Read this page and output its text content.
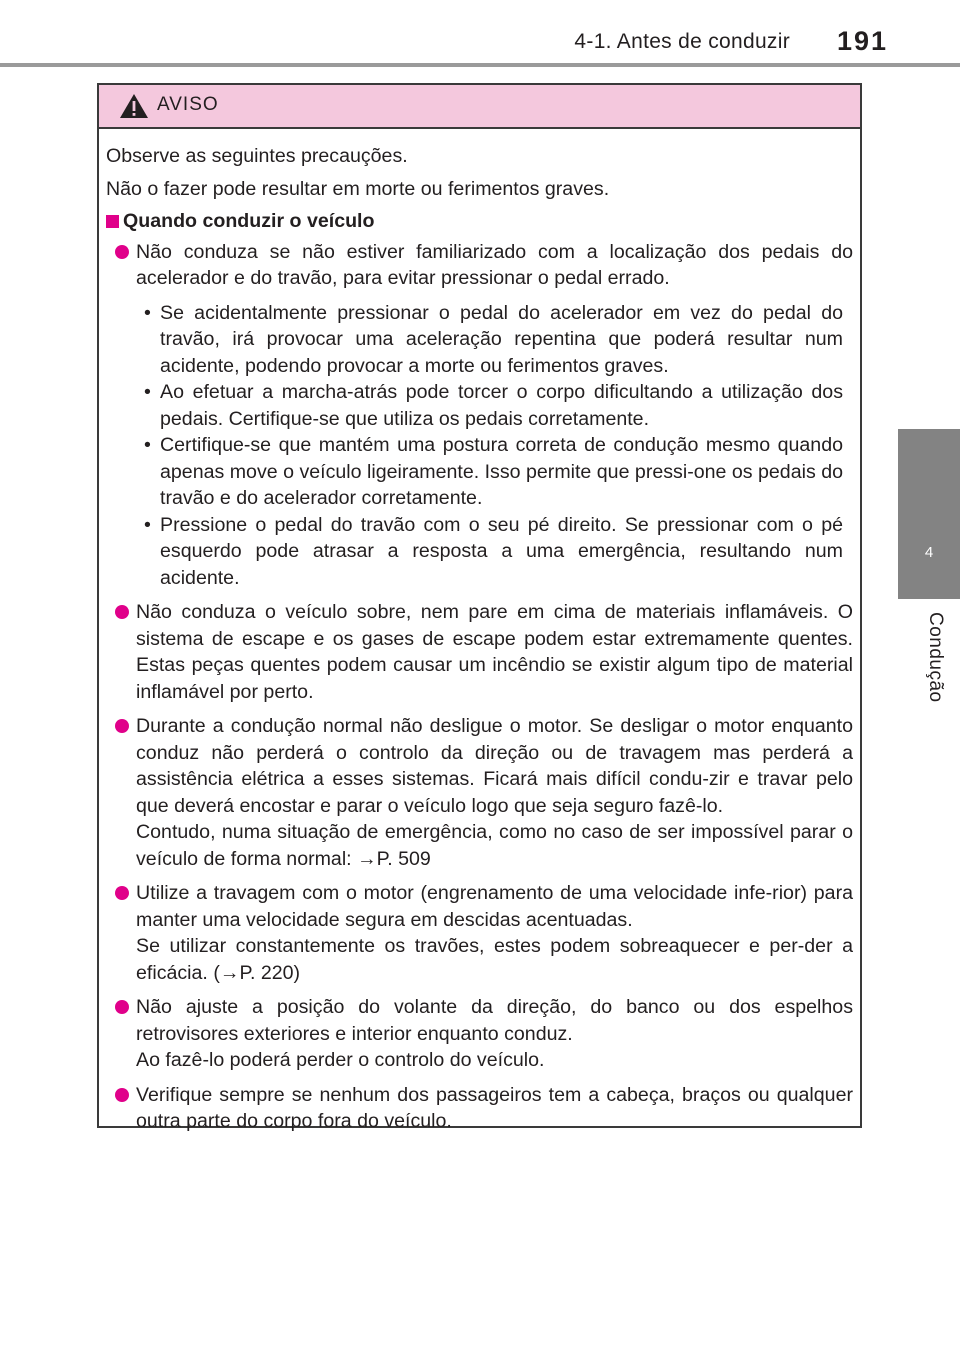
4-1. Antes de conduzir 191
4
Condução
AVISO

Observe as seguintes precauções.

Não o fazer pode resultar em morte ou ferimentos graves.

Quando conduzir o veículo
Não conduza se não estiver familiarizado com a localização dos pedais do acelerador e do travão, para evitar pressionar o pedal errado.
• Se acidentalmente pressionar o pedal do acelerador em vez do pedal do travão, irá provocar uma aceleração repentina que poderá resultar num acidente, podendo provocar a morte ou ferimentos graves.
• Ao efetuar a marcha-atrás pode torcer o corpo dificultando a utilização dos pedais. Certifique-se que utiliza os pedais corretamente.
• Certifique-se que mantém uma postura correta de condução mesmo quando apenas move o veículo ligeiramente. Isso permite que pressi-one os pedais do travão e do acelerador corretamente.
• Pressione o pedal do travão com o seu pé direito. Se pressionar com o pé esquerdo pode atrasar a resposta a uma emergência, resultando num acidente.
Não conduza o veículo sobre, nem pare em cima de materiais inflamáveis. O sistema de escape e os gases de escape podem estar extremamente quentes. Estas peças quentes podem causar um incêndio se existir algum tipo de material inflamável por perto.
Durante a condução normal não desligue o motor. Se desligar o motor enquanto conduz não perderá o controlo da direção ou de travagem mas perderá a assistência elétrica a esses sistemas. Ficará mais difícil condu-zir e travar pelo que deverá encostar e parar o veículo logo que seja seguro fazê-lo.
Contudo, numa situação de emergência, como no caso de ser impossível parar o veículo de forma normal: →P. 509
Utilize a travagem com o motor (engrenamento de uma velocidade infe-rior) para manter uma velocidade segura em descidas acentuadas.
Se utilizar constantemente os travões, estes podem sobreaquecer e per-der a eficácia. (→P. 220)
Não ajuste a posição do volante da direção, do banco ou dos espelhos retrovisores exteriores e interior enquanto conduz.
Ao fazê-lo poderá perder o controlo do veículo.
Verifique sempre se nenhum dos passageiros tem a cabeça, braços ou qualquer outra parte do corpo fora do veículo.
